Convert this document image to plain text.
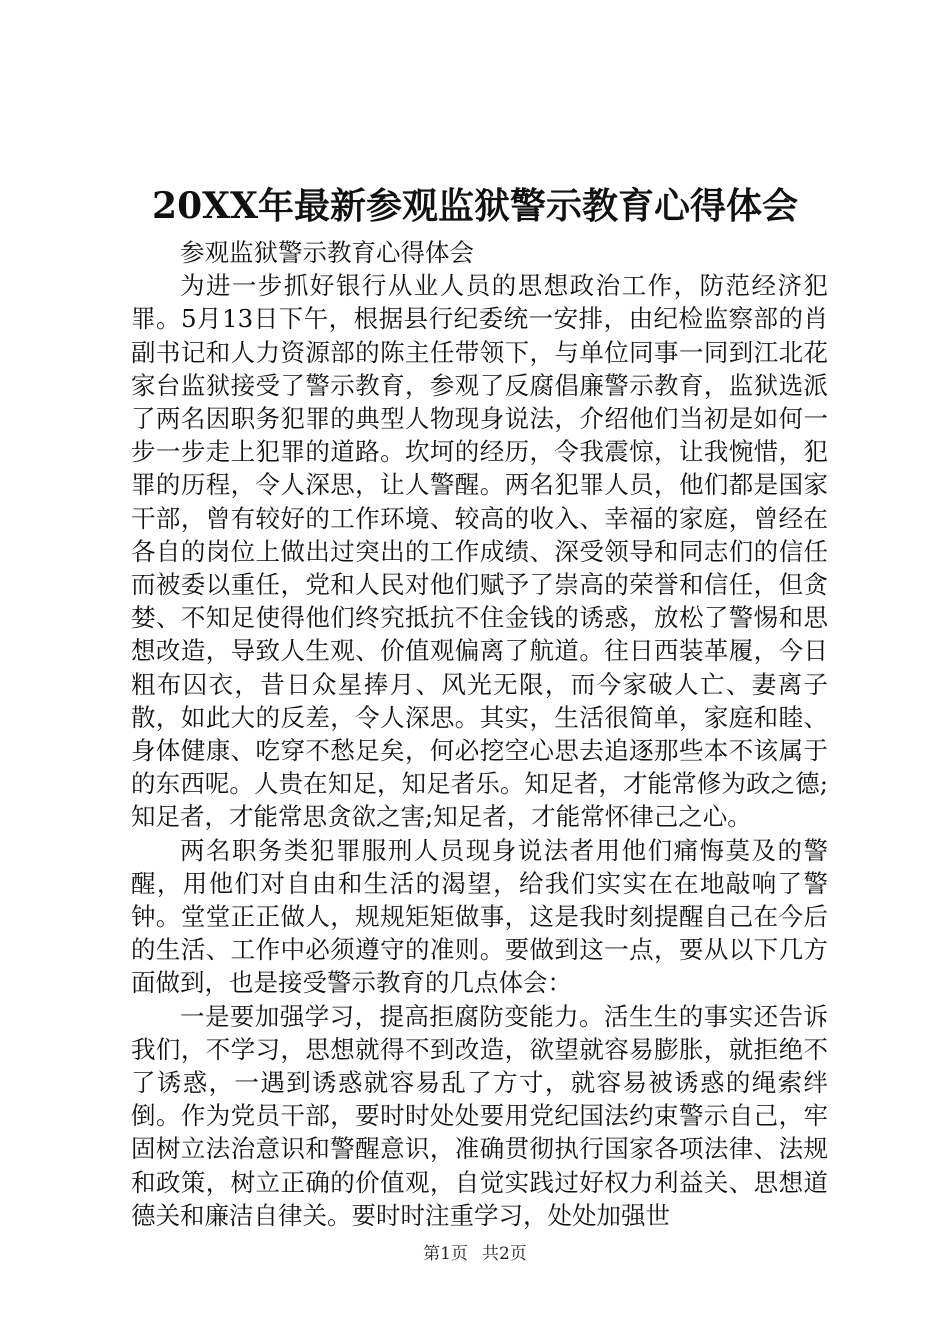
20XX年最新参观监狱警示教育心得体会

参观监狱警示教育心得体会

为进一步抓好银行从业人员的思想政治工作，防范经济犯罪。5月13日下午，根据县行纪委统一安排，由纪检监察部的肖副书记和人力资源部的陈主任带领下，与单位同事一同到江北花家台监狱接受了警示教育，参观了反腐倡廉警示教育，监狱选派了两名因职务犯罪的典型人物现身说法，介绍他们当初是如何一步一步走上犯罪的道路。坎坷的经历，令我震惊，让我惋惜，犯罪的历程，令人深思，让人警醒。两名犯罪人员，他们都是国家干部，曾有较好的工作环境、较高的收入、幸福的家庭，曾经在各自的岗位上做出过突出的工作成绩、深受领导和同志们的信任而被委以重任，党和人民对他们赋予了崇高的荣誉和信任，但贪婪、不知足使得他们终究抵抗不住金钱的诱惑，放松了警惕和思想改造，导致人生观、价值观偏离了航道。往日西装革履，今日粗布囚衣，昔日众星捧月、风光无限，而今家破人亡、妻离子散，如此大的反差，令人深思。其实，生活很简单，家庭和睦、身体健康、吃穿不愁足矣，何必挖空心思去追逐那些本不该属于的东西呢。人贵在知足，知足者乐。知足者，才能常修为政之德;知足者，才能常思贪欲之害;知足者，才能常怀律己之心。

两名职务类犯罪服刑人员现身说法者用他们痛悔莫及的警醒，用他们对自由和生活的渴望，给我们实实在在地敲响了警钟。堂堂正正做人，规规矩矩做事，这是我时刻提醒自己在今后的生活、工作中必须遵守的准则。要做到这一点，要从以下几方面做到，也是接受警示教育的几点体会：

一是要加强学习，提高拒腐防变能力。活生生的事实还告诉我们，不学习，思想就得不到改造，欲望就容易膨胀，就拒绝不了诱惑，一遇到诱惑就容易乱了方寸，就容易被诱惑的绳索绊倒。作为党员干部，要时时处处要用党纪国法约束警示自己，牢固树立法治意识和警醒意识，准确贯彻执行国家各项法律、法规和政策，树立正确的价值观，自觉实践过好权力利益关、思想道德关和廉洁自律关。要时时注重学习，处处加强世

第1页 共2页
